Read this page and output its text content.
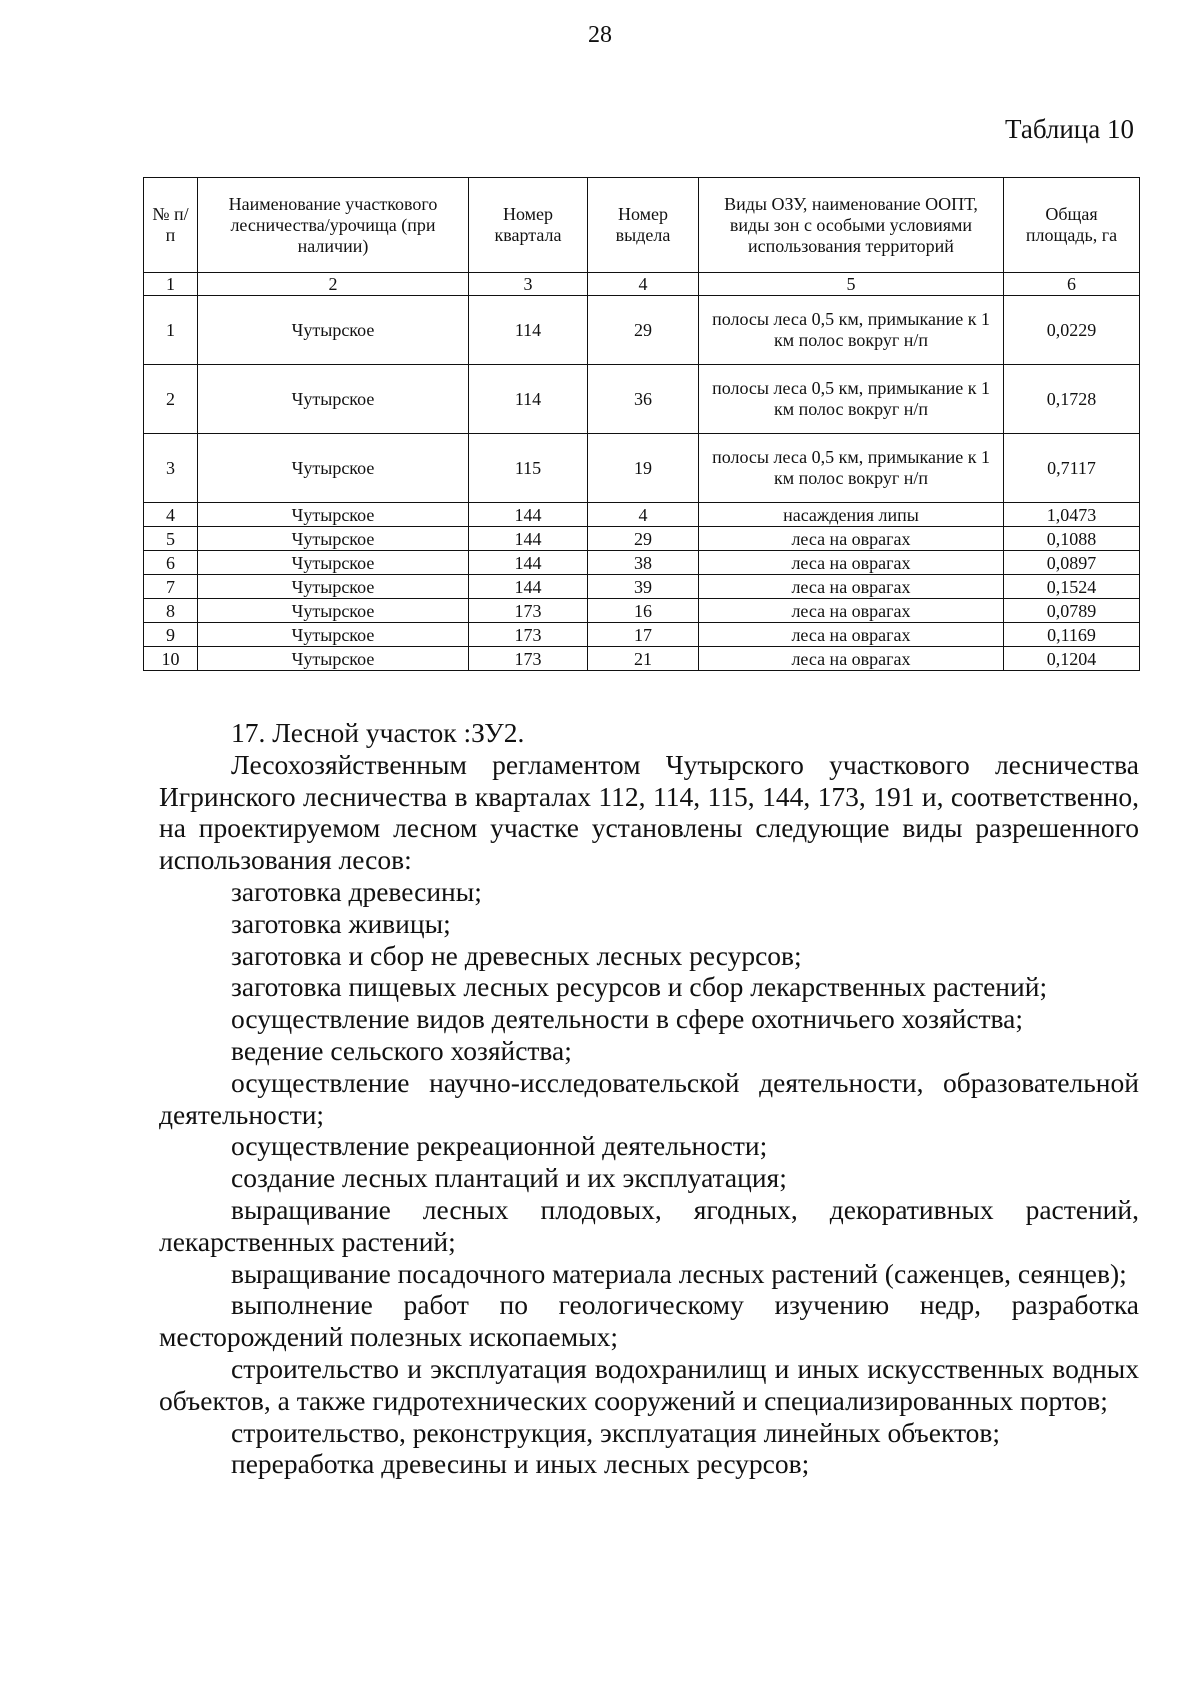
28
Таблица 10
№ п/п	Наименование участкового лесничества/урочища (при наличии)	Номер квартала	Номер выдела	Виды ОЗУ, наименование ООПТ, виды зон с особыми условиями использования территорий	Общая площадь, га
1	2	3	4	5	6
1	Чутырское	114	29	полосы леса 0,5 км, примыкание к 1 км полос вокруг н/п	0,0229
2	Чутырское	114	36	полосы леса 0,5 км, примыкание к 1 км полос вокруг н/п	0,1728
3	Чутырское	115	19	полосы леса 0,5 км, примыкание к 1 км полос вокруг н/п	0,7117
4	Чутырское	144	4	насаждения липы	1,0473
5	Чутырское	144	29	леса на оврагах	0,1088
6	Чутырское	144	38	леса на оврагах	0,0897
7	Чутырское	144	39	леса на оврагах	0,1524
8	Чутырское	173	16	леса на оврагах	0,0789
9	Чутырское	173	17	леса на оврагах	0,1169
10	Чутырское	173	21	леса на оврагах	0,1204

17. Лесной участок :ЗУ2.

Лесохозяйственным регламентом Чутырского участкового лесничества Игринского лесничества в кварталах 112, 114, 115, 144, 173, 191 и, соответственно, на проектируемом лесном участке установлены следующие виды разрешенного использования лесов:

заготовка древесины;

заготовка живицы;

заготовка и сбор не древесных лесных ресурсов;

заготовка пищевых лесных ресурсов и сбор лекарственных растений;

осуществление видов деятельности в сфере охотничьего хозяйства;

ведение сельского хозяйства;

осуществление научно-исследовательской деятельности, образовательной деятельности;

осуществление рекреационной деятельности;

создание лесных плантаций и их эксплуатация;

выращивание лесных плодовых, ягодных, декоративных растений, лекарственных растений;

выращивание посадочного материала лесных растений (саженцев, сеянцев);

выполнение работ по геологическому изучению недр, разработка месторождений полезных ископаемых;

строительство и эксплуатация водохранилищ и иных искусственных водных объектов, а также гидротехнических сооружений и специализированных портов;

строительство, реконструкция, эксплуатация линейных объектов;

переработка древесины и иных лесных ресурсов;
